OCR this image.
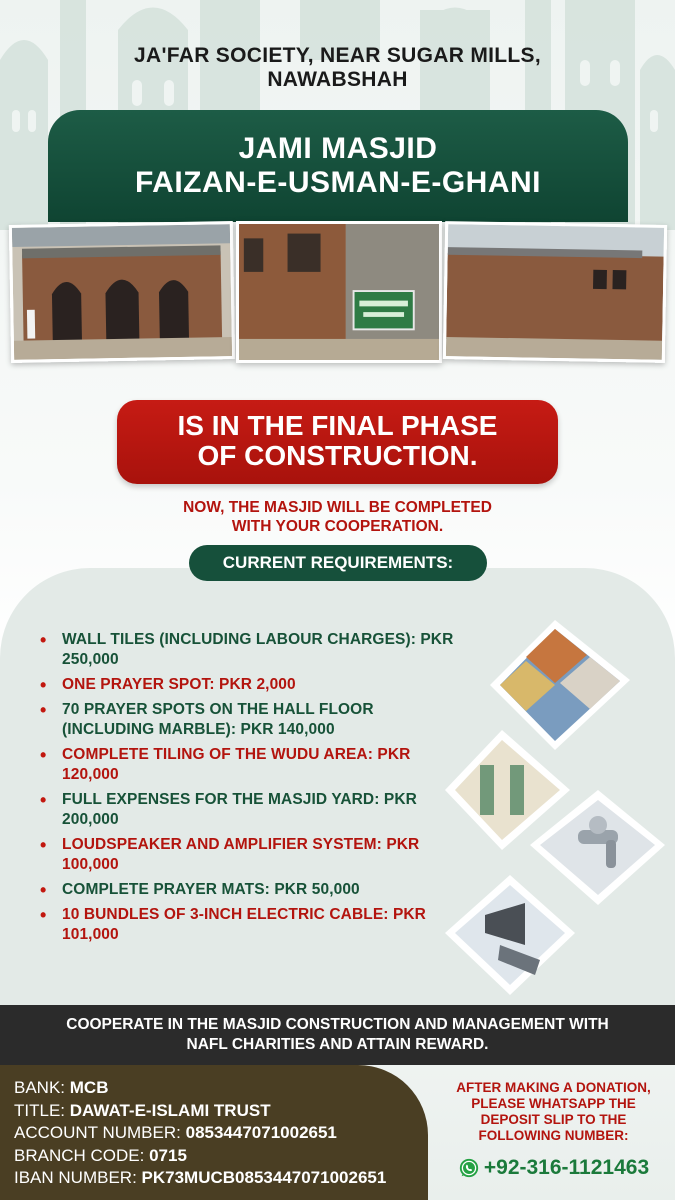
JA'FAR SOCIETY, NEAR SUGAR MILLS, NAWABSHAH
JAMI MASJID
FAIZAN-E-USMAN-E-GHANI
IS IN THE FINAL PHASE
OF CONSTRUCTION.
NOW, THE MASJID WILL BE COMPLETED
WITH YOUR COOPERATION.
CURRENT REQUIREMENTS:
• WALL TILES (INCLUDING LABOUR CHARGES): PKR 250,000
• ONE PRAYER SPOT: PKR 2,000
• 70 PRAYER SPOTS ON THE HALL FLOOR (INCLUDING MARBLE): PKR 140,000
• COMPLETE TILING OF THE WUDU AREA: PKR 120,000
• FULL EXPENSES FOR THE MASJID YARD: PKR 200,000
• LOUDSPEAKER AND AMPLIFIER SYSTEM: PKR 100,000
• COMPLETE PRAYER MATS: PKR 50,000
• 10 BUNDLES OF 3-INCH ELECTRIC CABLE: PKR 101,000
COOPERATE IN THE MASJID CONSTRUCTION AND MANAGEMENT WITH
NAFL CHARITIES AND ATTAIN REWARD.
BANK: MCB
TITLE: DAWAT-E-ISLAMI TRUST
ACCOUNT NUMBER: 0853447071002651
BRANCH CODE: 0715
IBAN NUMBER: PK73MUCB0853447071002651
AFTER MAKING A DONATION,
PLEASE WHATSAPP THE
DEPOSIT SLIP TO THE
FOLLOWING NUMBER:
+92-316-1121463
